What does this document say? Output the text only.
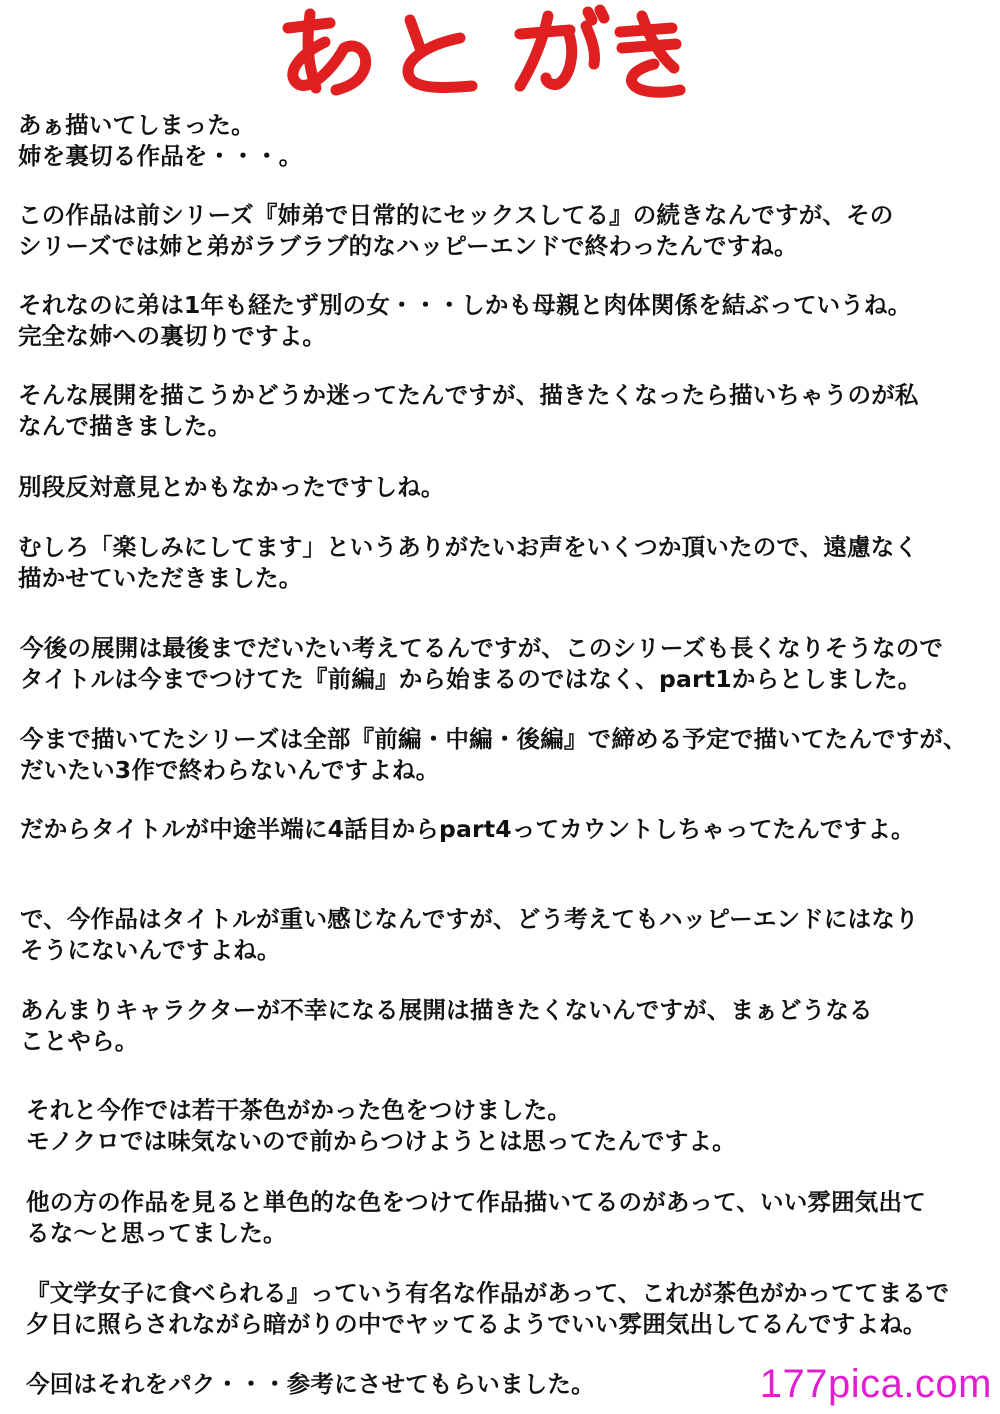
あぁ描いてしまった。
姉を裏切る作品を・・・。
この作品は前シリーズ『姉弟で日常的にセックスしてる』の続きなんですが、その
シリーズでは姉と弟がラブラブ的なハッピーエンドで終わったんですね。
それなのに弟は1年も経たず別の女・・・しかも母親と肉体関係を結ぶっていうね。
完全な姉への裏切りですよ。
そんな展開を描こうかどうか迷ってたんですが、描きたくなったら描いちゃうのが私
なんで描きました。
別段反対意見とかもなかったですしね。
むしろ「楽しみにしてます」というありがたいお声をいくつか頂いたので、遠慮なく
描かせていただきました。
今後の展開は最後までだいたい考えてるんですが、このシリーズも長くなりそうなので
タイトルは今までつけてた『前編』から始まるのではなく、part1からとしました。
今まで描いてたシリーズは全部『前編・中編・後編』で締める予定で描いてたんですが、
だいたい3作で終わらないんですよね。
だからタイトルが中途半端に4話目からpart4ってカウントしちゃってたんですよ。
で、今作品はタイトルが重い感じなんですが、どう考えてもハッピーエンドにはなり
そうにないんですよね。
あんまりキャラクターが不幸になる展開は描きたくないんですが、まぁどうなる
ことやら。
それと今作では若干茶色がかった色をつけました。
モノクロでは味気ないので前からつけようとは思ってたんですよ。
他の方の作品を見ると単色的な色をつけて作品描いてるのがあって、いい雰囲気出て
るな～と思ってました。
『文学女子に食べられる』っていう有名な作品があって、これが茶色がかっててまるで
夕日に照らされながら暗がりの中でヤッてるようでいい雰囲気出してるんですよね。
今回はそれをパク・・・参考にさせてもらいました。	177pica.com
